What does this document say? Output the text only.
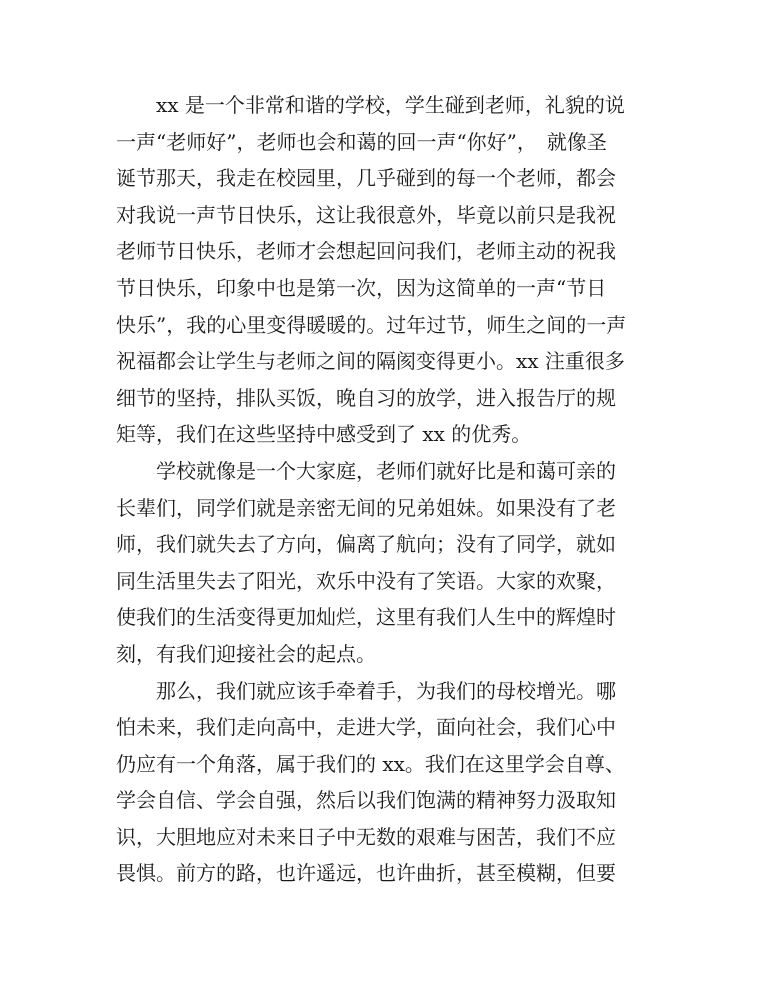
　　xx 是一个非常和谐的学校，学生碰到老师，礼貌的说
一声“老师好”，老师也会和蔼的回一声“你好”，　就像圣
诞节那天，我走在校园里，几乎碰到的每一个老师，都会
对我说一声节日快乐，这让我很意外，毕竟以前只是我祝
老师节日快乐，老师才会想起回问我们，老师主动的祝我
节日快乐，印象中也是第一次，因为这简单的一声“节日
快乐”，我的心里变得暖暖的。过年过节，师生之间的一声
祝福都会让学生与老师之间的隔阂变得更小。xx 注重很多
细节的坚持，排队买饭，晚自习的放学，进入报告厅的规
矩等，我们在这些坚持中感受到了 xx 的优秀。
　　学校就像是一个大家庭，老师们就好比是和蔼可亲的
长辈们，同学们就是亲密无间的兄弟姐妹。如果没有了老
师，我们就失去了方向，偏离了航向；没有了同学，就如
同生活里失去了阳光，欢乐中没有了笑语。大家的欢聚，
使我们的生活变得更加灿烂，这里有我们人生中的辉煌时
刻，有我们迎接社会的起点。
　　那么，我们就应该手牵着手，为我们的母校增光。哪
怕未来，我们走向高中，走进大学，面向社会，我们心中
仍应有一个角落，属于我们的 xx。我们在这里学会自尊、
学会自信、学会自强，然后以我们饱满的精神努力汲取知
识，大胆地应对未来日子中无数的艰难与困苦，我们不应
畏惧。前方的路，也许遥远，也许曲折，甚至模糊，但要
